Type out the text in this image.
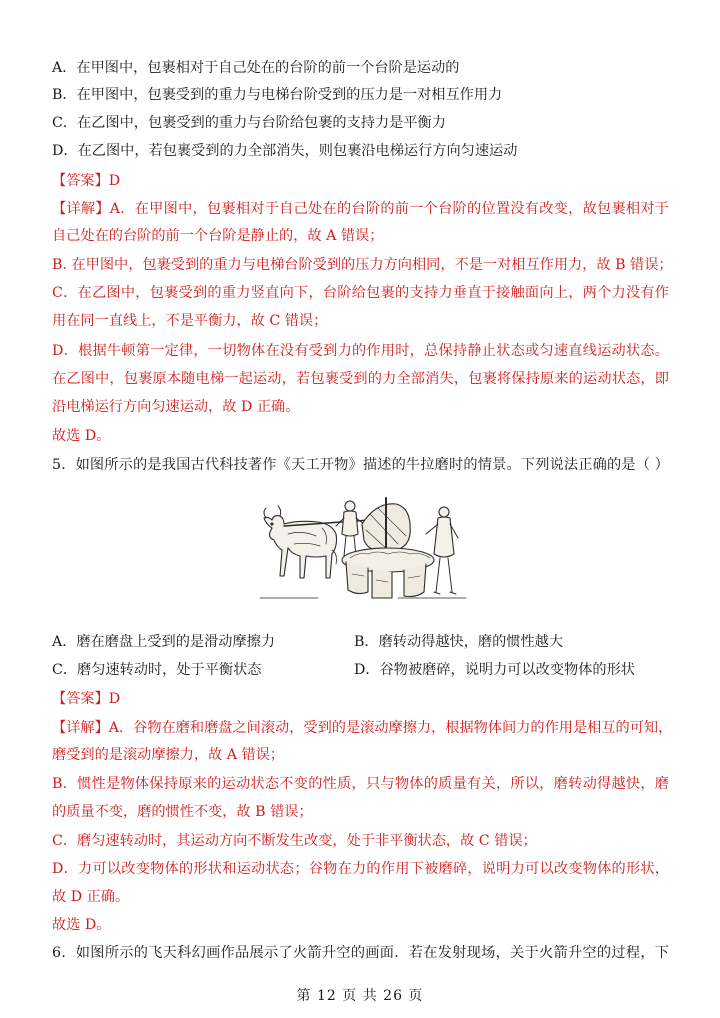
A．在甲图中，包裹相对于自己处在的台阶的前一个台阶是运动的
B．在甲图中，包裹受到的重力与电梯台阶受到的压力是一对相互作用力
C．在乙图中，包裹受到的重力与台阶给包裹的支持力是平衡力
D．在乙图中，若包裹受到的力全部消失，则包裹沿电梯运行方向匀速运动
【答案】D
【详解】A．在甲图中，包裹相对于自己处在的台阶的前一个台阶的位置没有改变，故包裹相对于
自己处在的台阶的前一个台阶是静止的，故 A 错误；
B. 在甲图中，包裹受到的重力与电梯台阶受到的压力方向相同，不是一对相互作用力，故 B 错误；
C．在乙图中，包裹受到的重力竖直向下，台阶给包裹的支持力垂直于接触面向上，两个力没有作
用在同一直线上，不是平衡力，故 C 错误；
D．根据牛顿第一定律，一切物体在没有受到力的作用时，总保持静止状态或匀速直线运动状态。
在乙图中，包裹原本随电梯一起运动，若包裹受到的力全部消失，包裹将保持原来的运动状态，即
沿电梯运行方向匀速运动，故 D 正确。
故选 D。
5．如图所示的是我国古代科技著作《天工开物》描述的牛拉磨时的情景。下列说法正确的是（ ）
A．磨在磨盘上受到的是滑动摩擦力	B．磨转动得越快，磨的惯性越大
C．磨匀速转动时，处于平衡状态	D．谷物被磨碎，说明力可以改变物体的形状
【答案】D
【详解】A．谷物在磨和磨盘之间滚动，受到的是滚动摩擦力，根据物体间力的作用是相互的可知，
磨受到的是滚动摩擦力，故 A 错误；
B．惯性是物体保持原来的运动状态不变的性质，只与物体的质量有关，所以，磨转动得越快，磨
的质量不变，磨的惯性不变，故 B 错误；
C．磨匀速转动时，其运动方向不断发生改变，处于非平衡状态，故 C 错误；
D．力可以改变物体的形状和运动状态；谷物在力的作用下被磨碎，说明力可以改变物体的形状，
故 D 正确。
故选 D。
6．如图所示的飞天科幻画作品展示了火箭升空的画面．若在发射现场，关于火箭升空的过程，下
第 12 页 共 26 页
